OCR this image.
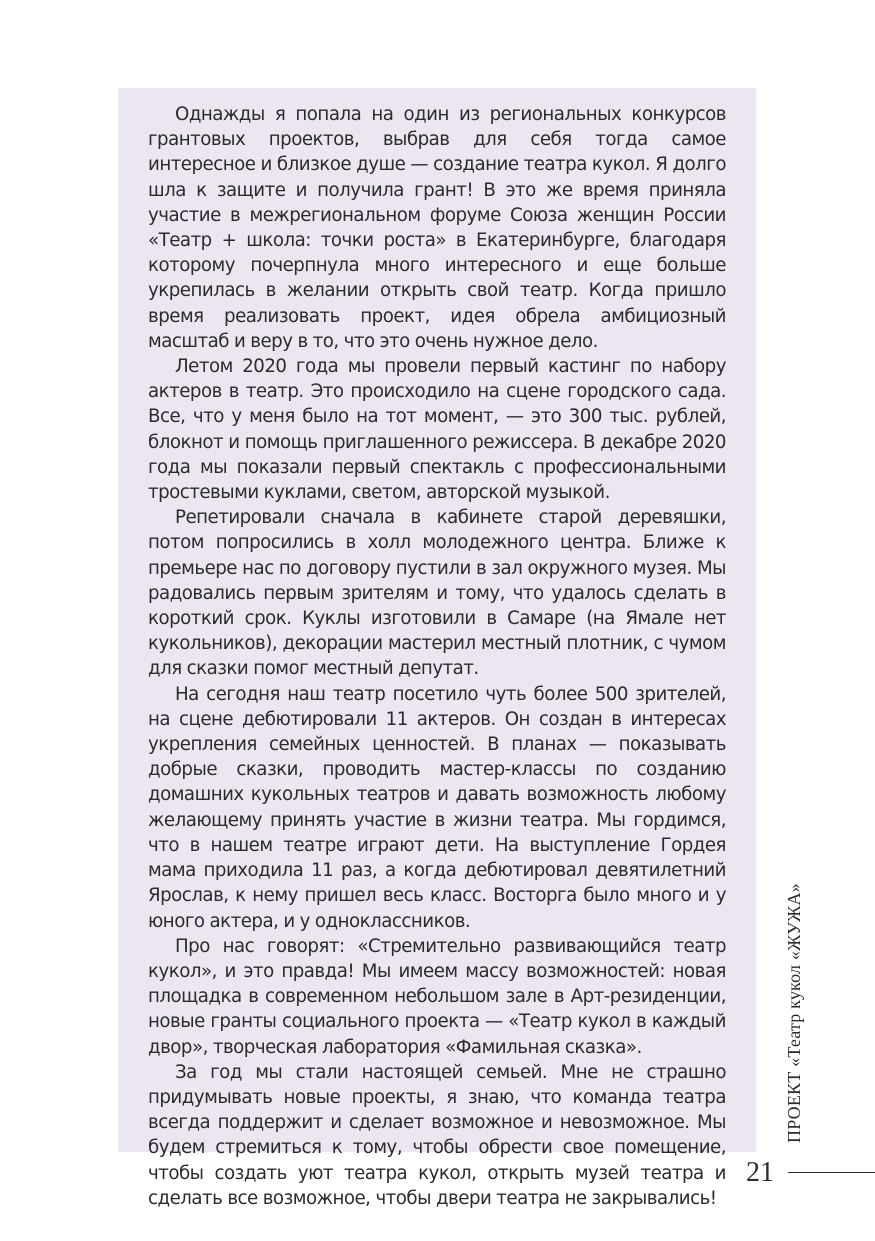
Однажды я попала на один из региональных конкурсов грантовых проектов, выбрав для себя тогда самое интересное и близкое душе — создание театра кукол. Я долго шла к защите и получила грант! В это же время приняла участие в межрегиональном форуме Союза женщин России «Театр + школа: точки роста» в Екатеринбурге, благодаря которому почерпнула много интересного и еще больше укрепилась в желании открыть свой театр. Когда пришло время реализовать проект, идея обрела амбициозный масштаб и веру в то, что это очень нужное дело.

Летом 2020 года мы провели первый кастинг по набору актеров в театр. Это происходило на сцене городского сада. Все, что у меня было на тот момент, — это 300 тыс. рублей, блокнот и помощь приглашенного режиссера. В декабре 2020 года мы показали первый спектакль с профессиональными тростевыми куклами, светом, авторской музыкой.

Репетировали сначала в кабинете старой деревяшки, потом попросились в холл молодежного центра. Ближе к премьере нас по договору пустили в зал окружного музея. Мы радовались первым зрителям и тому, что удалось сделать в короткий срок. Куклы изготовили в Самаре (на Ямале нет кукольников), декорации мастерил местный плотник, с чумом для сказки помог местный депутат.

На сегодня наш театр посетило чуть более 500 зрителей, на сцене дебютировали 11 актеров. Он создан в интересах укрепления семейных ценностей. В планах — показывать добрые сказки, проводить мастер-классы по созданию домашних кукольных театров и давать возможность любому желающему принять участие в жизни театра. Мы гордимся, что в нашем театре играют дети. На выступление Гордея мама приходила 11 раз, а когда дебютировал девятилетний Ярослав, к нему пришел весь класс. Восторга было много и у юного актера, и у одноклассников.

Про нас говорят: «Стремительно развивающийся театр кукол», и это правда! Мы имеем массу возможностей: новая площадка в современном небольшом зале в Арт-резиденции, новые гранты социального проекта — «Театр кукол в каждый двор», творческая лаборатория «Фамильная сказка».

За год мы стали настоящей семьей. Мне не страшно придумывать новые проекты, я знаю, что команда театра всегда поддержит и сделает возможное и невозможное. Мы будем стремиться к тому, чтобы обрести свое помещение, чтобы создать уют театра кукол, открыть музей театра и сделать все возможное, чтобы двери театра не закрывались!

ПРОЕКТ «Театр кукол «ЖУЖА»
21
